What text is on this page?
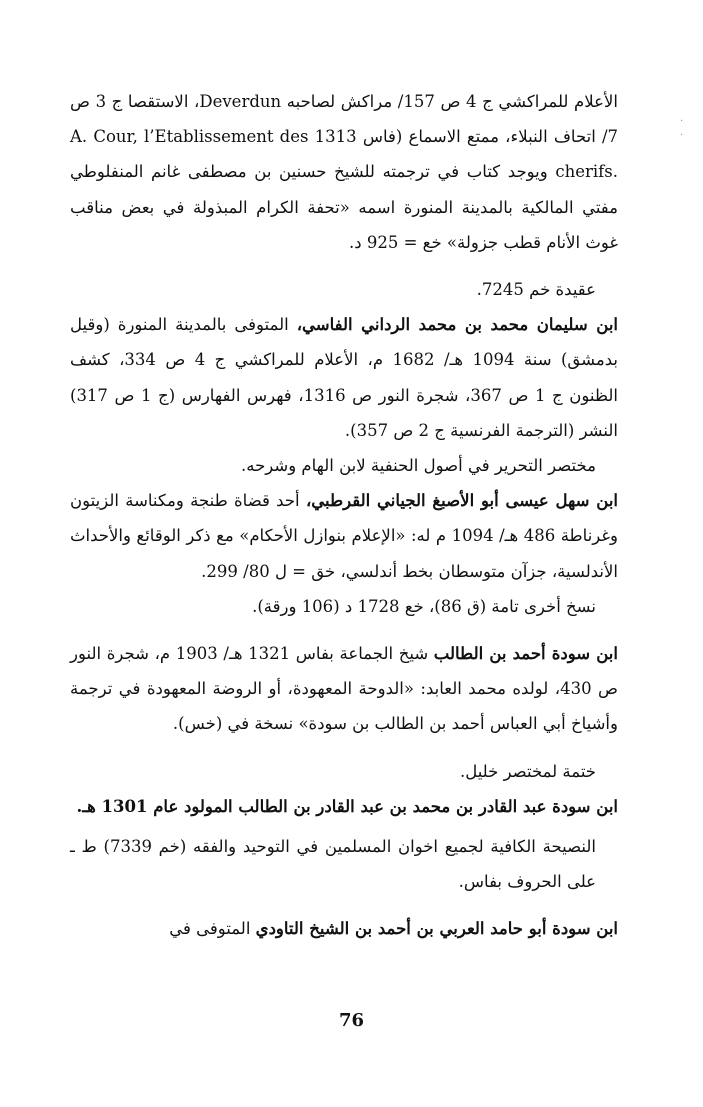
·
·

الأعلام للمراكشي ج 4 ص 157/ مراكش لصاحبه Deverdun، الاستقصا ج 3 ص 7/ اتحاف النبلاء، ممتع الاسماع (فاس 1313 A. Cour, l’Etablissement des cherifs. ويوجد كتاب في ترجمته للشيخ حسنين بن مصطفى غانم المنفلوطي مفتي المالكية بالمدينة المنورة اسمه «تحفة الكرام المبذولة في بعض مناقب غوث الأنام قطب جزولة» خع = 925 د.

عقيدة خم 7245.

ابن سليمان محمد بن محمد الرداني الفاسي، المتوفى بالمدينة المنورة (وقيل بدمشق) سنة 1094 هـ/ 1682 م، الأعلام للمراكشي ج 4 ص 334، كشف الظنون ج 1 ص 367، شجرة النور ص 1316، فهرس الفهارس (ج 1 ص 317) النشر (الترجمة الفرنسية ج 2 ص 357).

مختصر التحرير في أصول الحنفية لابن الهام وشرحه.

ابن سهل عيسى أبو الأصبغ الجياني القرطبي، أحد قضاة طنجة ومكناسة الزيتون وغرناطة 486 هـ/ 1094 م له: «الإعلام بنوازل الأحكام» مع ذكر الوقائع والأحداث الأندلسية، جزآن متوسطان بخط أندلسي، خق = ل 80/ 299.

نسخ أخرى تامة (ق 86)، خع 1728 د (106 ورقة).

ابن سودة أحمد بن الطالب شيخ الجماعة بفاس 1321 هـ/ 1903 م، شجرة النور ص 430، لولده محمد العابد: «الدوحة المعهودة، أو الروضة المعهودة في ترجمة وأشياخ أبي العباس أحمد بن الطالب بن سودة» نسخة في (خس).

ختمة لمختصر خليل.

ابن سودة عبد القادر بن محمد بن عبد القادر بن الطالب المولود عام 1301 هـ.

النصيحة الكافية لجميع اخوان المسلمين في التوحيد والفقه (خم 7339) ط ـ على الحروف بفاس.

ابن سودة أبو حامد العربي بن أحمد بن الشيخ التاودي المتوفى في

76
